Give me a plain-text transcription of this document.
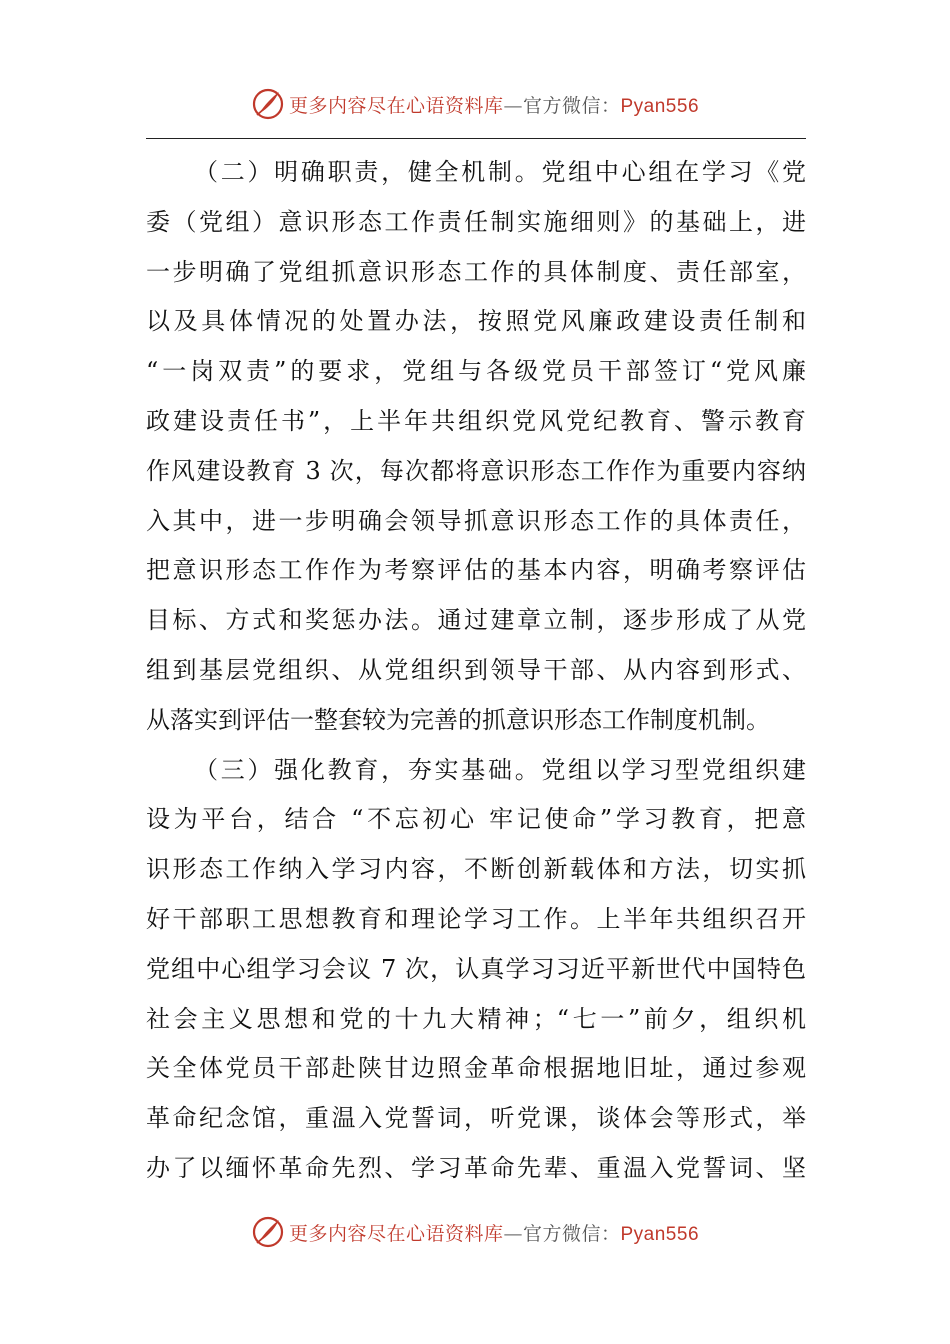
更多内容尽在心语资料库—官方微信：Pyan556
（二）明确职责，健全机制。党组中心组在学习《党
委（党组）意识形态工作责任制实施细则》的基础上，进
一步明确了党组抓意识形态工作的具体制度、责任部室，
以及具体情况的处置办法，按照党风廉政建设责任制和
“一岗双责”的要求，党组与各级党员干部签订“党风廉
政建设责任书”，上半年共组织党风党纪教育、警示教育
作风建设教育 3 次，每次都将意识形态工作作为重要内容纳
入其中，进一步明确会领导抓意识形态工作的具体责任，
把意识形态工作作为考察评估的基本内容，明确考察评估
目标、方式和奖惩办法。通过建章立制，逐步形成了从党
组到基层党组织、从党组织到领导干部、从内容到形式、
从落实到评估一整套较为完善的抓意识形态工作制度机制。
（三）强化教育，夯实基础。党组以学习型党组织建
设为平台，结合 “不忘初心 牢记使命”学习教育，把意
识形态工作纳入学习内容，不断创新载体和方法，切实抓
好干部职工思想教育和理论学习工作。上半年共组织召开
党组中心组学习会议 7 次，认真学习习近平新世代中国特色
社会主义思想和党的十九大精神；“七一”前夕，组织机
关全体党员干部赴陕甘边照金革命根据地旧址，通过参观
革命纪念馆，重温入党誓词，听党课，谈体会等形式，举
办了以缅怀革命先烈、学习革命先辈、重温入党誓词、坚
更多内容尽在心语资料库—官方微信：Pyan556
